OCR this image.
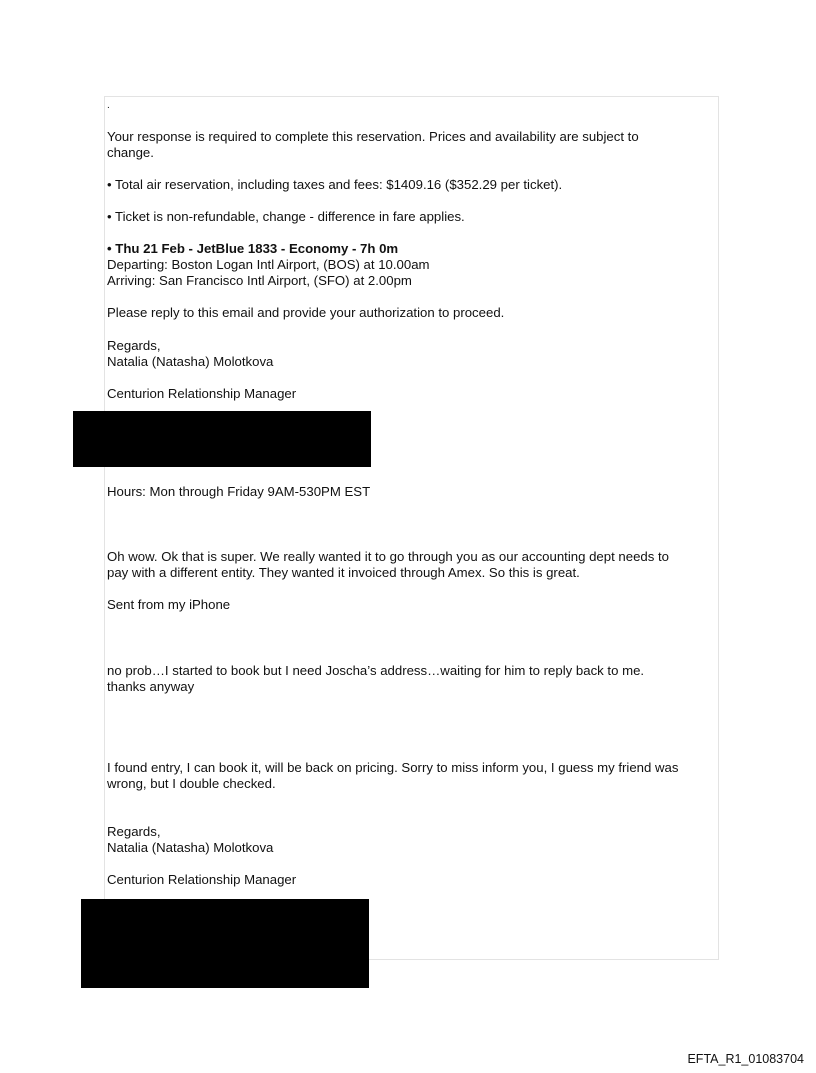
.
Your response is required to complete this reservation. Prices and availability are subject to
change.
• Total air reservation, including taxes and fees: $1409.16 ($352.29 per ticket).
• Ticket is non-refundable, change - difference in fare applies.
• Thu 21 Feb - JetBlue 1833 - Economy - 7h 0m
Departing: Boston Logan Intl Airport, (BOS) at 10.00am
Arriving: San Francisco Intl Airport, (SFO) at 2.00pm
Please reply to this email and provide your authorization to proceed.
Regards,
Natalia (Natasha) Molotkova
Centurion Relationship Manager
Hours: Mon through Friday 9AM-530PM EST
Oh wow. Ok that is super. We really wanted it to go through you as our accounting dept needs to
pay with a different entity. They wanted it invoiced through Amex. So this is great.
Sent from my iPhone
no prob…I started to book but I need Joscha’s address…waiting for him to reply back to me.
thanks anyway
I found entry, I can book it, will be back on pricing. Sorry to miss inform you, I guess my friend was
wrong, but I double checked.
Regards,
Natalia (Natasha) Molotkova
Centurion Relationship Manager
EFTA_R1_01083704
